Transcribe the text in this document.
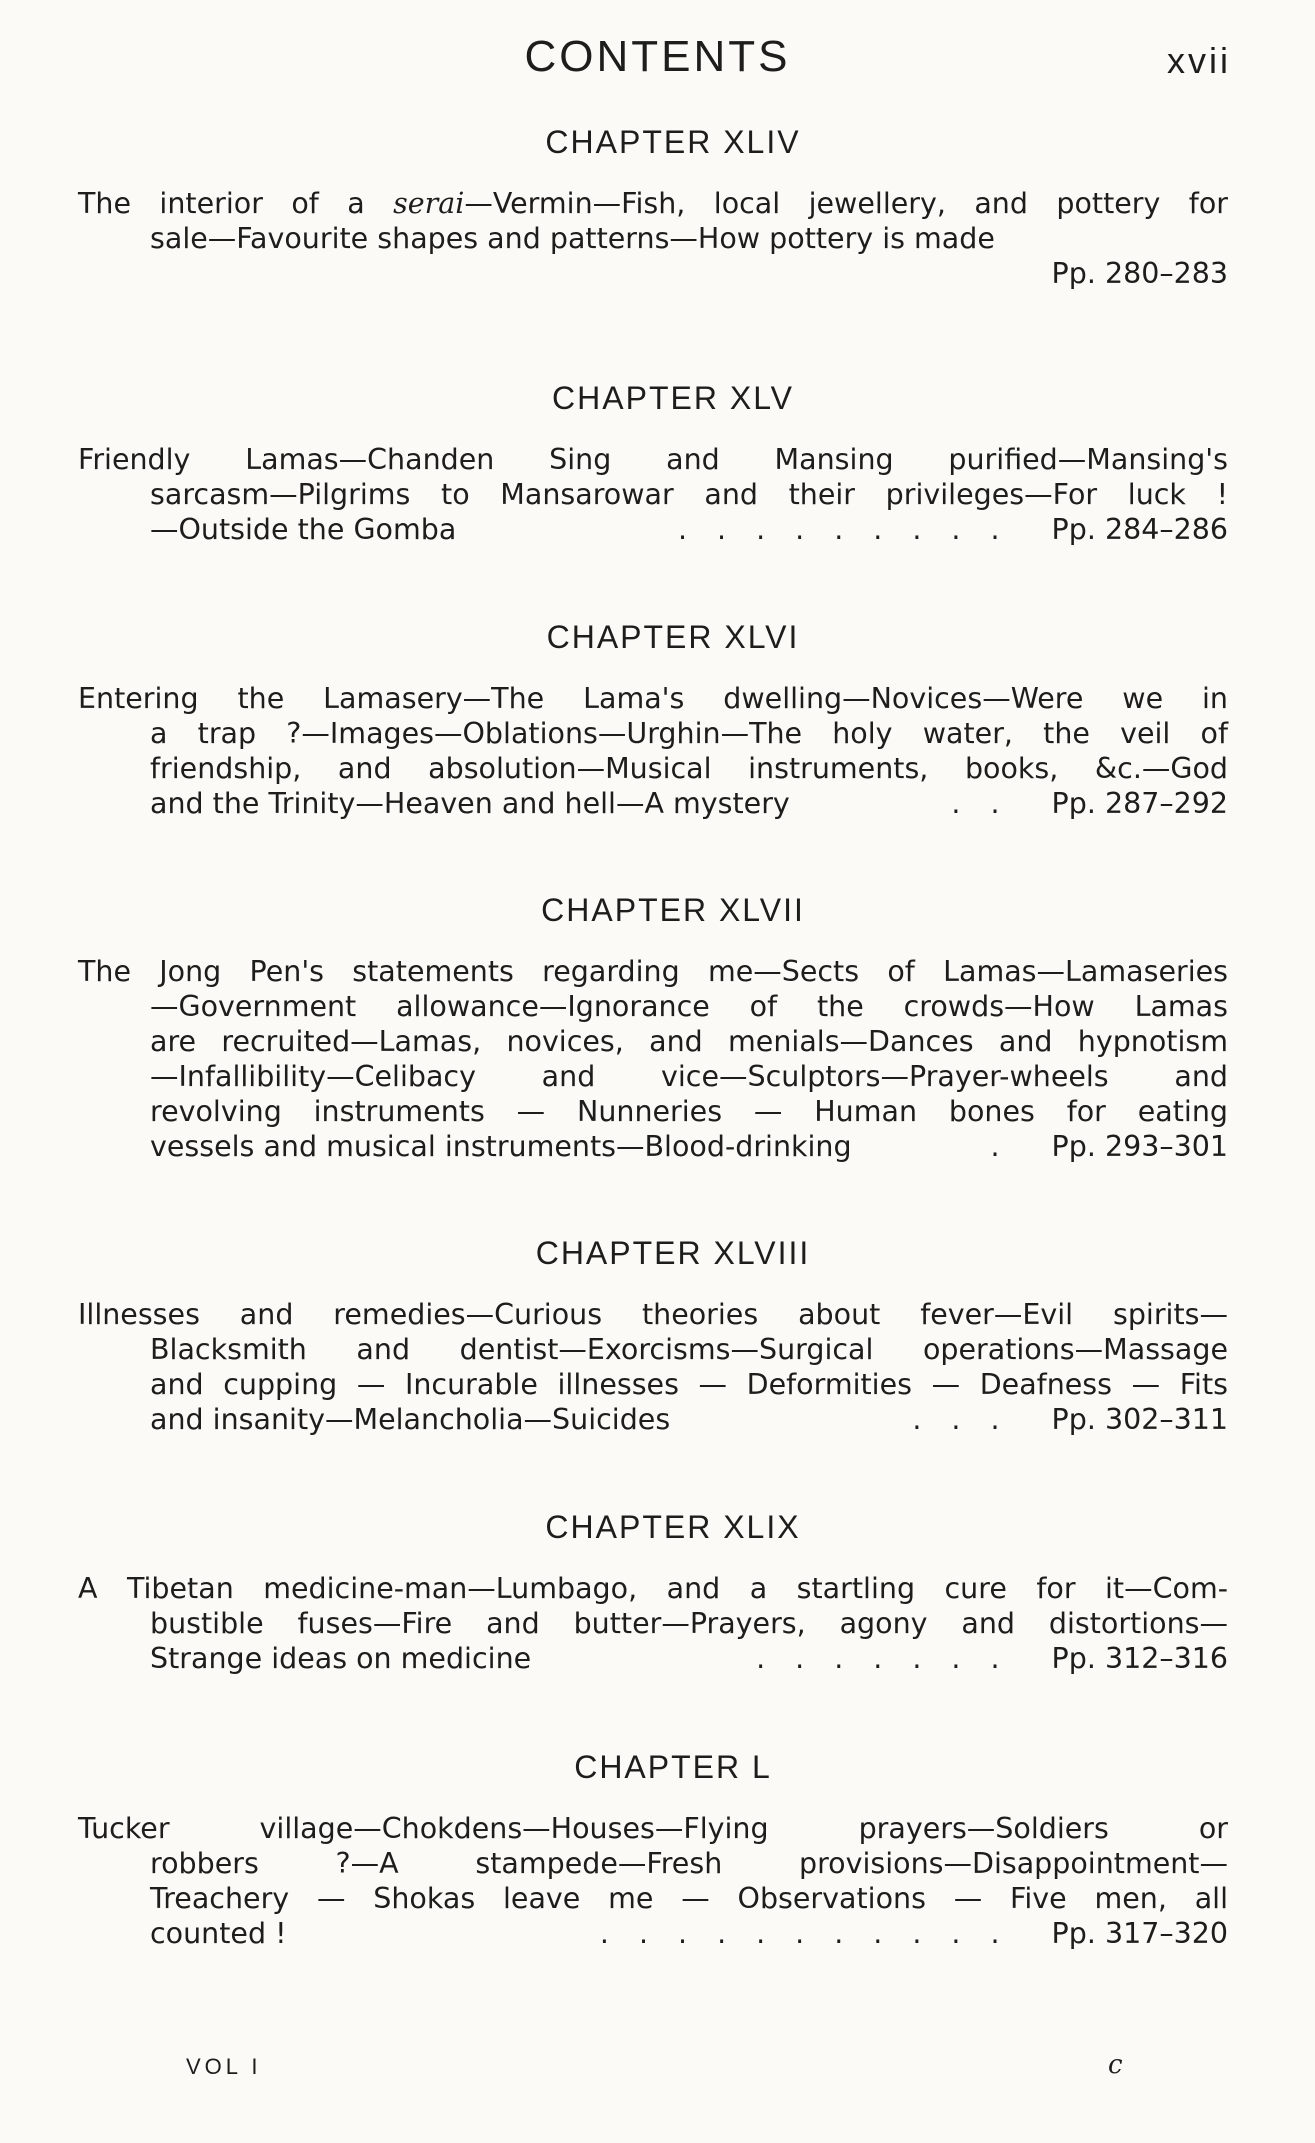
CONTENTS	xvii
CHAPTER XLIV
The interior of a serai—Vermin—Fish, local jewellery, and pottery for
sale—Favourite shapes and patterns—How pottery is made
Pp. 280–283
CHAPTER XLV
Friendly Lamas—Chanden Sing and Mansing purified—Mansing's
sarcasm—Pilgrims to Mansarowar and their privileges—For luck !
—Outside the Gomba	......... Pp. 284–286
CHAPTER XLVI
Entering the Lamasery—The Lama's dwelling—Novices—Were we in
a trap ?—Images—Oblations—Urghin—The holy water, the veil of
friendship, and absolution—Musical instruments, books, &c.—God
and the Trinity—Heaven and hell—A mystery	.. Pp. 287–292
CHAPTER XLVII
The Jong Pen's statements regarding me—Sects of Lamas—Lamaseries
—Government allowance—Ignorance of the crowds—How Lamas
are recruited—Lamas, novices, and menials—Dances and hypnotism
—Infallibility—Celibacy and vice—Sculptors—Prayer-wheels and
revolving instruments — Nunneries — Human bones for eating
vessels and musical instruments—Blood-drinking	. Pp. 293–301
CHAPTER XLVIII
Illnesses and remedies—Curious theories about fever—Evil spirits—
Blacksmith and dentist—Exorcisms—Surgical operations—Massage
and cupping — Incurable illnesses — Deformities — Deafness — Fits
and insanity—Melancholia—Suicides	... Pp. 302–311
CHAPTER XLIX
A Tibetan medicine-man—Lumbago, and a startling cure for it—Com-
bustible fuses—Fire and butter—Prayers, agony and distortions—
Strange ideas on medicine	....... Pp. 312–316
CHAPTER L
Tucker village—Chokdens—Houses—Flying prayers—Soldiers or
robbers ?—A stampede—Fresh provisions—Disappointment—
Treachery — Shokas leave me — Observations — Five men, all
counted !	........... Pp. 317–320
VOL I	c
